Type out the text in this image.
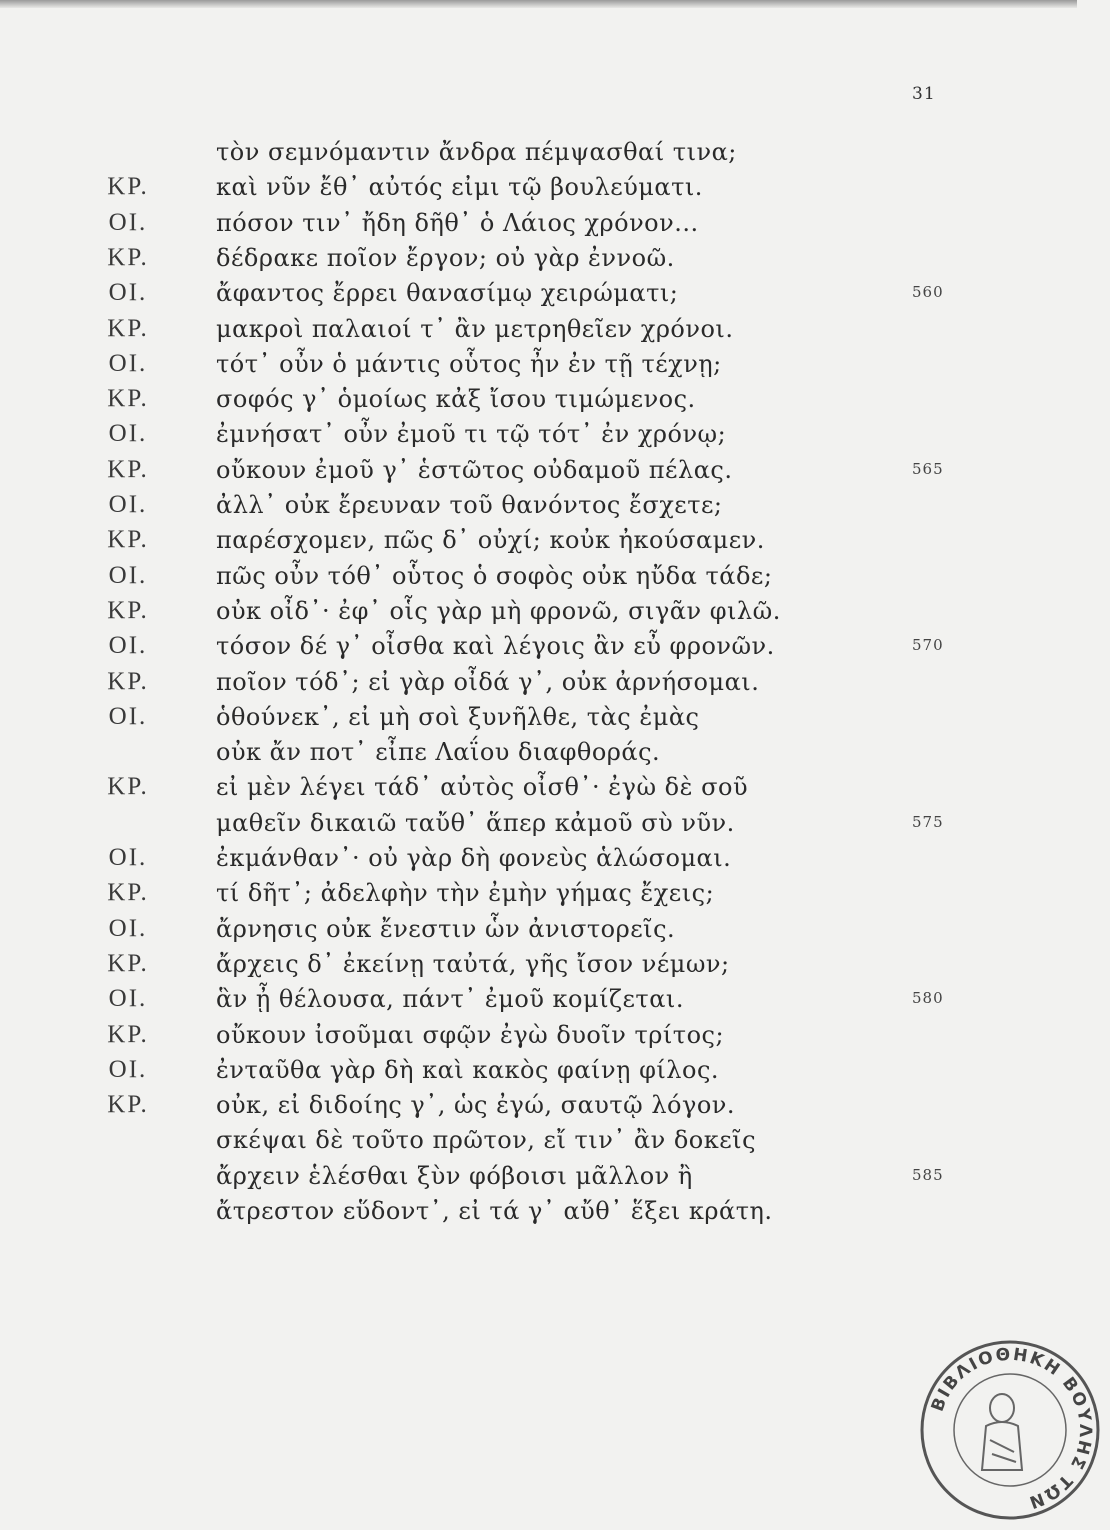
31
τὸν σεμνόμαντιν ἄνδρα πέμψασθαί τινα;
ΚΡ.	καὶ νῦν ἔθ᾽ αὐτός εἰμι τῷ βουλεύματι.
ΟΙ.	πόσον τιν᾽ ἤδη δῆθ᾽ ὁ Λάιος χρόνον...
ΚΡ.	δέδρακε ποῖον ἔργον; οὐ γὰρ ἐννοῶ.
ΟΙ.	ἄφαντος ἔρρει θανασίμῳ χειρώματι;	560
ΚΡ.	μακροὶ παλαιοί τ᾽ ἂν μετρηθεῖεν χρόνοι.
ΟΙ.	τότ᾽ οὖν ὁ μάντις οὗτος ἦν ἐν τῇ τέχνῃ;
ΚΡ.	σοφός γ᾽ ὁμοίως κἀξ ἴσου τιμώμενος.
ΟΙ.	ἐμνήσατ᾽ οὖν ἐμοῦ τι τῷ τότ᾽ ἐν χρόνῳ;
ΚΡ.	οὔκουν ἐμοῦ γ᾽ ἑστῶτος οὐδαμοῦ πέλας.	565
ΟΙ.	ἀλλ᾽ οὐκ ἔρευναν τοῦ θανόντος ἔσχετε;
ΚΡ.	παρέσχομεν, πῶς δ᾽ οὐχί; κοὐκ ἠκούσαμεν.
ΟΙ.	πῶς οὖν τόθ᾽ οὗτος ὁ σοφὸς οὐκ ηὔδα τάδε;
ΚΡ.	οὐκ οἶδ᾽· ἐφ᾽ οἷς γὰρ μὴ φρονῶ, σιγᾶν φιλῶ.
ΟΙ.	τόσον δέ γ᾽ οἶσθα καὶ λέγοις ἂν εὖ φρονῶν.	570
ΚΡ.	ποῖον τόδ᾽; εἰ γὰρ οἶδά γ᾽, οὐκ ἀρνήσομαι.
ΟΙ.	ὁθούνεκ᾽, εἰ μὴ σοὶ ξυνῆλθε, τὰς ἐμὰς
οὐκ ἄν ποτ᾽ εἶπε Λαΐου διαφθοράς.
ΚΡ.	εἰ μὲν λέγει τάδ᾽ αὐτὸς οἶσθ᾽· ἐγὼ δὲ σοῦ
μαθεῖν δικαιῶ ταὔθ᾽ ἅπερ κἀμοῦ σὺ νῦν.	575
ΟΙ.	ἐκμάνθαν᾽· οὐ γὰρ δὴ φονεὺς ἁλώσομαι.
ΚΡ.	τί δῆτ᾽; ἀδελφὴν τὴν ἐμὴν γήμας ἔχεις;
ΟΙ.	ἄρνησις οὐκ ἔνεστιν ὧν ἀνιστορεῖς.
ΚΡ.	ἄρχεις δ᾽ ἐκείνῃ ταὐτά, γῆς ἴσον νέμων;
ΟΙ.	ἃν ᾖ θέλουσα, πάντ᾽ ἐμοῦ κομίζεται.	580
ΚΡ.	οὔκουν ἰσοῦμαι σφῷν ἐγὼ δυοῖν τρίτος;
ΟΙ.	ἐνταῦθα γὰρ δὴ καὶ κακὸς φαίνῃ φίλος.
ΚΡ.	οὐκ, εἰ διδοίης γ᾽, ὡς ἐγώ, σαυτῷ λόγον.
σκέψαι δὲ τοῦτο πρῶτον, εἴ τιν᾽ ἂν δοκεῖς
ἄρχειν ἑλέσθαι ξὺν φόβοισι μᾶλλον ἢ	585
ἄτρεστον εὕδοντ᾽, εἰ τά γ᾽ αὔθ᾽ ἕξει κράτη.
ΒΙΒΛΙΟΘΗΚΗ ΒΟΥΛΗΣ ΤΩΝ
